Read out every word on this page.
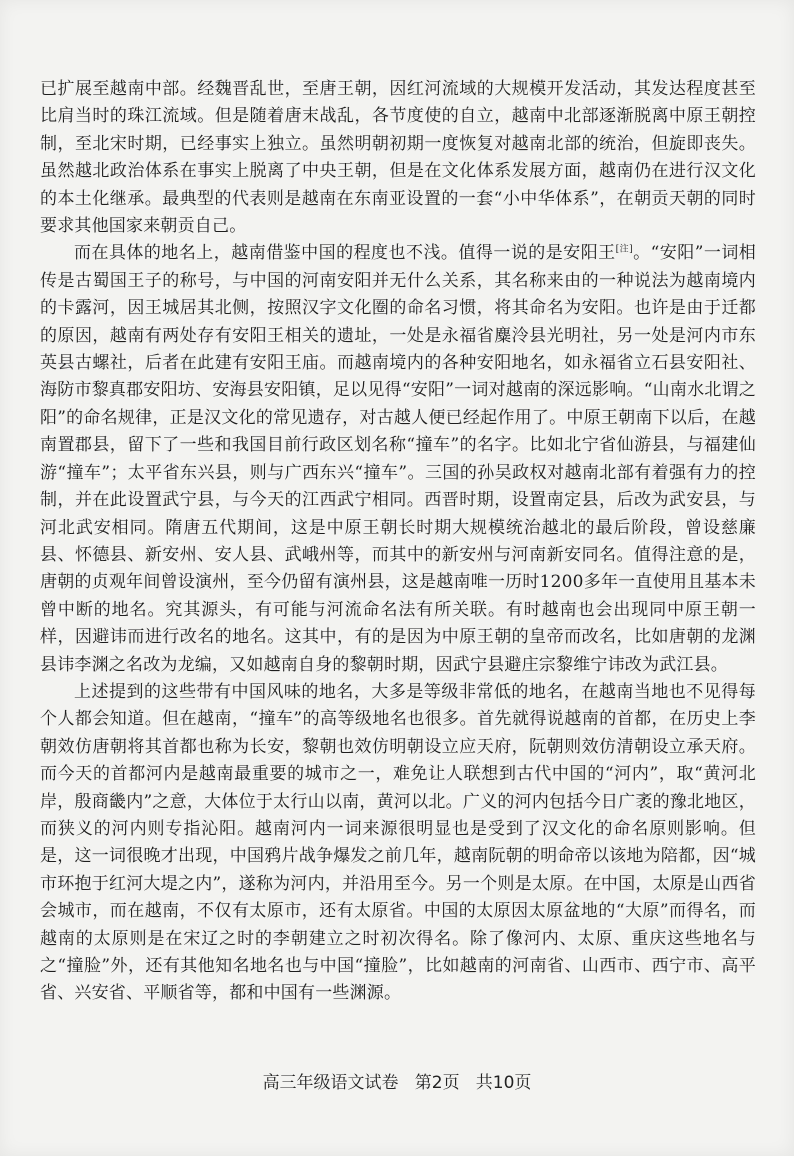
已扩展至越南中部。经魏晋乱世，至唐王朝，因红河流域的大规模开发活动，其发达程度甚至比肩当时的珠江流域。但是随着唐末战乱，各节度使的自立，越南中北部逐渐脱离中原王朝控制，至北宋时期，已经事实上独立。虽然明朝初期一度恢复对越南北部的统治，但旋即丧失。虽然越北政治体系在事实上脱离了中央王朝，但是在文化体系发展方面，越南仍在进行汉文化的本土化继承。最典型的代表则是越南在东南亚设置的一套“小中华体系”，在朝贡天朝的同时要求其他国家来朝贡自己。

而在具体的地名上，越南借鉴中国的程度也不浅。值得一说的是安阳王[注]。“安阳”一词相传是古蜀国王子的称号，与中国的河南安阳并无什么关系，其名称来由的一种说法为越南境内的卡露河，因王城居其北侧，按照汉字文化圈的命名习惯，将其命名为安阳。也许是由于迁都的原因，越南有两处存有安阳王相关的遗址，一处是永福省麋泠县光明社，另一处是河内市东英县古螺社，后者在此建有安阳王庙。而越南境内的各种安阳地名，如永福省立石县安阳社、海防市黎真郡安阳坊、安海县安阳镇，足以见得“安阳”一词对越南的深远影响。“山南水北谓之阳”的命名规律，正是汉文化的常见遗存，对古越人便已经起作用了。中原王朝南下以后，在越南置郡县，留下了一些和我国目前行政区划名称“撞车”的名字。比如北宁省仙游县，与福建仙游“撞车”；太平省东兴县，则与广西东兴“撞车”。三国的孙吴政权对越南北部有着强有力的控制，并在此设置武宁县，与今天的江西武宁相同。西晋时期，设置南定县，后改为武安县，与河北武安相同。隋唐五代期间，这是中原王朝长时期大规模统治越北的最后阶段，曾设慈廉县、怀德县、新安州、安人县、武峨州等，而其中的新安州与河南新安同名。值得注意的是，唐朝的贞观年间曾设演州，至今仍留有演州县，这是越南唯一历时1200多年一直使用且基本未曾中断的地名。究其源头，有可能与河流命名法有所关联。有时越南也会出现同中原王朝一样，因避讳而进行改名的地名。这其中，有的是因为中原王朝的皇帝而改名，比如唐朝的龙渊县讳李渊之名改为龙编，又如越南自身的黎朝时期，因武宁县避庄宗黎维宁讳改为武江县。

上述提到的这些带有中国风味的地名，大多是等级非常低的地名，在越南当地也不见得每个人都会知道。但在越南，“撞车”的高等级地名也很多。首先就得说越南的首都，在历史上李朝效仿唐朝将其首都也称为长安，黎朝也效仿明朝设立应天府，阮朝则效仿清朝设立承天府。而今天的首都河内是越南最重要的城市之一，难免让人联想到古代中国的“河内”，取“黄河北岸，殷商畿内”之意，大体位于太行山以南，黄河以北。广义的河内包括今日广袤的豫北地区，而狭义的河内则专指沁阳。越南河内一词来源很明显也是受到了汉文化的命名原则影响。但是，这一词很晚才出现，中国鸦片战争爆发之前几年，越南阮朝的明命帝以该地为陪都，因“城市环抱于红河大堤之内”，遂称为河内，并沿用至今。另一个则是太原。在中国，太原是山西省会城市，而在越南，不仅有太原市，还有太原省。中国的太原因太原盆地的“大原”而得名，而越南的太原则是在宋辽之时的李朝建立之时初次得名。除了像河内、太原、重庆这些地名与之“撞脸”外，还有其他知名地名也与中国“撞脸”，比如越南的河南省、山西市、西宁市、高平省、兴安省、平顺省等，都和中国有一些渊源。

高三年级语文试卷   第2页   共10页
